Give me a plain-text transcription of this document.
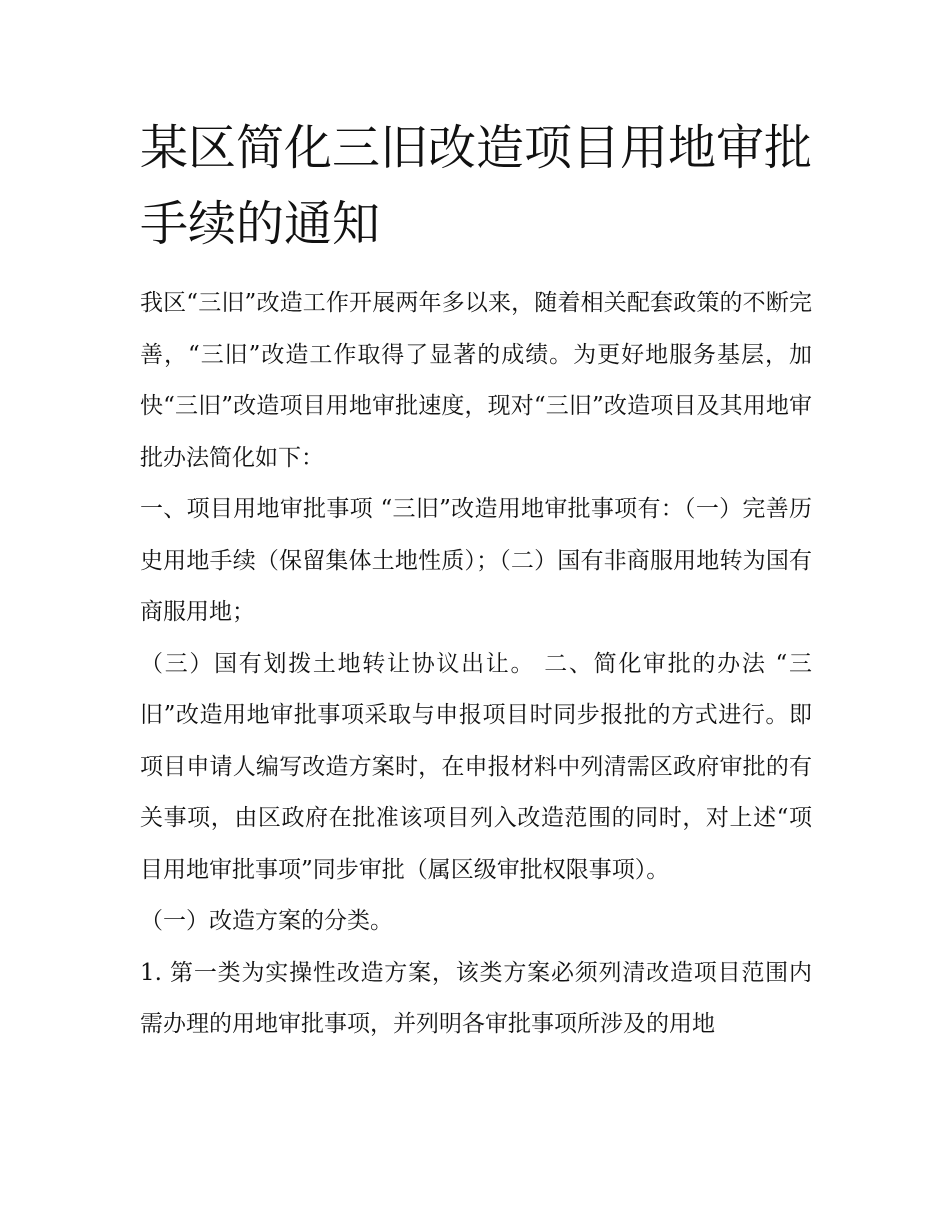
某区简化三旧改造项目用地审批手续的通知

我区“三旧”改造工作开展两年多以来，随着相关配套政策的不断完善，“三旧”改造工作取得了显著的成绩。为更好地服务基层，加快“三旧”改造项目用地审批速度，现对“三旧”改造项目及其用地审批办法简化如下：

一、项目用地审批事项 “三旧”改造用地审批事项有：（一）完善历史用地手续（保留集体土地性质）；（二）国有非商服用地转为国有商服用地；

（三）国有划拨土地转让协议出让。 二、简化审批的办法 “三旧”改造用地审批事项采取与申报项目时同步报批的方式进行。即项目申请人编写改造方案时，在申报材料中列清需区政府审批的有关事项，由区政府在批准该项目列入改造范围的同时，对上述“项目用地审批事项”同步审批（属区级审批权限事项）。

（一）改造方案的分类。

1. 第一类为实操性改造方案，该类方案必须列清改造项目范围内需办理的用地审批事项，并列明各审批事项所涉及的用地
